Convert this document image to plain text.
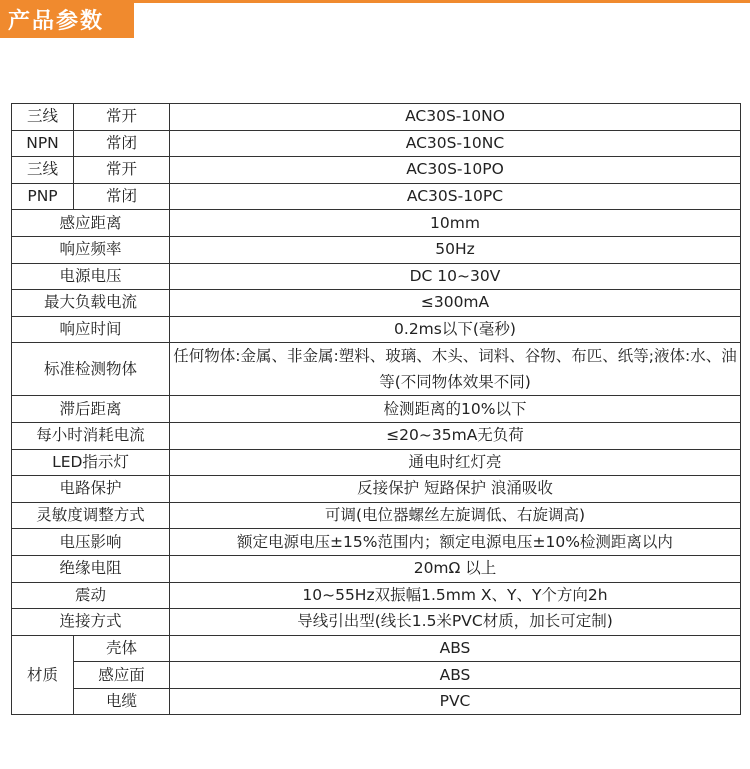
产品参数
三线	常开	AC30S-10NO
NPN	常闭	AC30S-10NC
三线	常开	AC30S-10PO
PNP	常闭	AC30S-10PC
感应距离		10mm
响应频率		50Hz
电源电压		DC 10~30V
最大负载电流		≤300mA
响应时间		0.2ms以下(毫秒)
标准检测物体		任何物体:金属、非金属:塑料、玻璃、木头、词料、谷物、布匹、纸等;液体:水、油等(不同物体效果不同)
滞后距离		检测距离的10%以下
每小时消耗电流		≤20~35mA无负荷
LED指示灯		通电时红灯亮
电路保护		反接保护 短路保护 浪涌吸收
灵敏度调整方式		可调(电位器螺丝左旋调低、右旋调高)
电压影响		额定电源电压±15%范围内；额定电源电压±10%检测距离以内
绝缘电阻		20mΩ 以上
震动		10~55Hz双振幅1.5mm X、Y、Y个方向2h
连接方式		导线引出型(线长1.5米PVC材质，加长可定制)
材质	壳体	ABS
	感应面	ABS
	电缆	PVC
